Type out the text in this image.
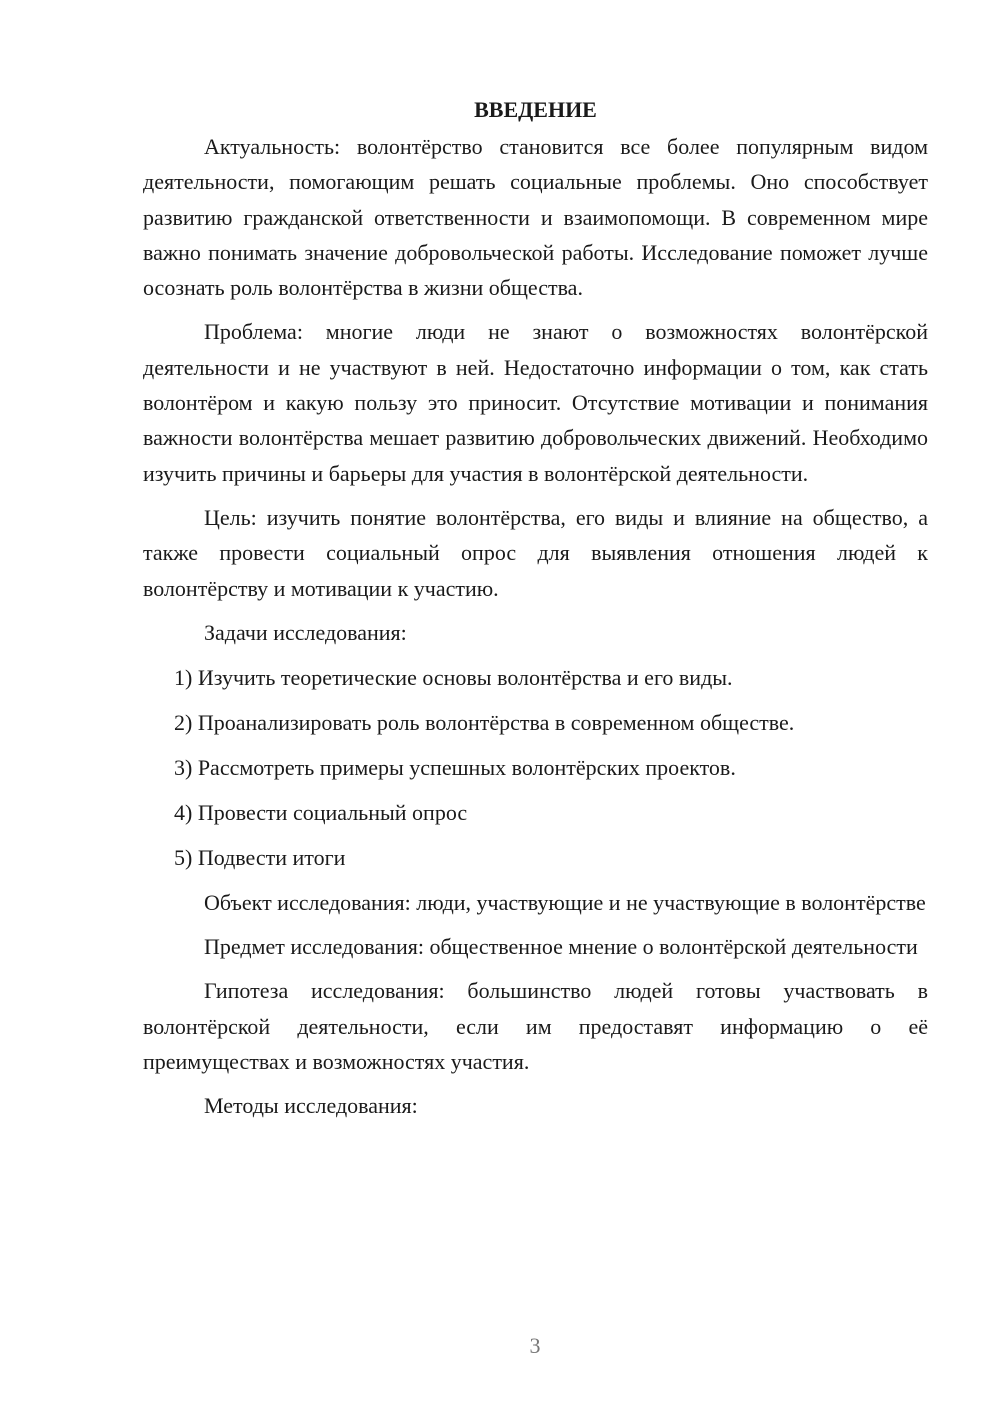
ВВЕДЕНИЕ

Актуальность: волонтёрство становится все более популярным видом деятельности, помогающим решать социальные проблемы. Оно способствует развитию гражданской ответственности и взаимопомощи. В современном мире важно понимать значение добровольческой работы. Исследование поможет лучше осознать роль волонтёрства в жизни общества.

Проблема: многие люди не знают о возможностях волонтёрской деятельности и не участвуют в ней. Недостаточно информации о том, как стать волонтёром и какую пользу это приносит. Отсутствие мотивации и понимания важности волонтёрства мешает развитию добровольческих движений. Необходимо изучить причины и барьеры для участия в волонтёрской деятельности.

Цель: изучить понятие волонтёрства, его виды и влияние на общество, а также провести социальный опрос для выявления отношения людей к волонтёрству и мотивации к участию.

Задачи исследования:
1) Изучить теоретические основы волонтёрства и его виды.
2) Проанализировать роль волонтёрства в современном обществе.
3) Рассмотреть примеры успешных волонтёрских проектов.
4) Провести социальный опрос
5) Подвести итоги

Объект исследования: люди, участвующие и не участвующие в волонтёрстве

Предмет исследования: общественное мнение о волонтёрской деятельности

Гипотеза исследования: большинство людей готовы участвовать в волонтёрской деятельности, если им предоставят информацию о её преимуществах и возможностях участия.

Методы исследования:

3
